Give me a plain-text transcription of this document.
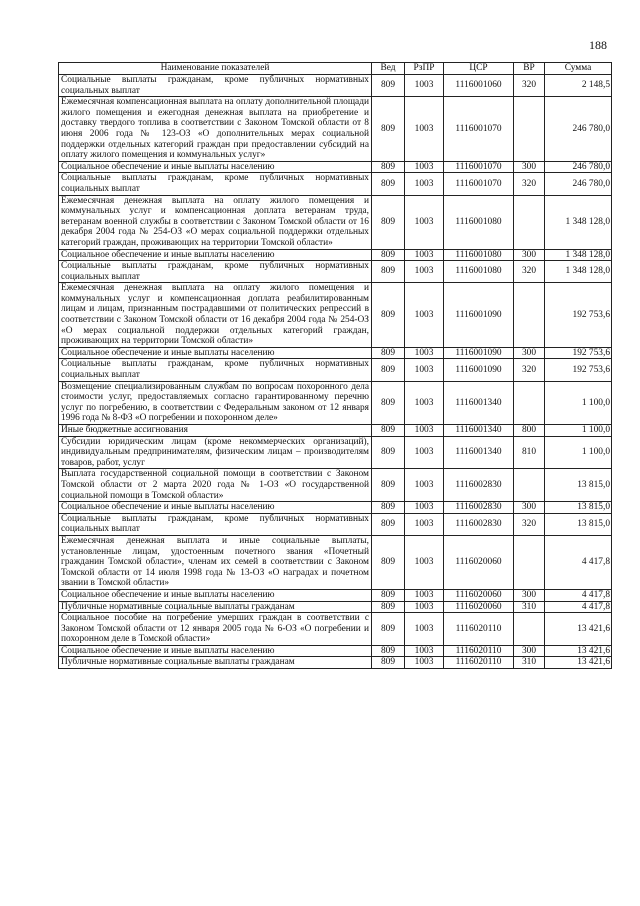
188
Наименование показателей	Вед	РзПР	ЦСР	ВР	Сумма
Социальные выплаты гражданам, кроме публичных нормативных социальных выплат	809	1003	1116001060	320	2 148,5
Ежемесячная компенсационная выплата на оплату дополнительной площади жилого помещения и ежегодная денежная выплата на приобретение и доставку твердого топлива в соответствии с Законом Томской области от 8 июня 2006 года № 123-ОЗ «О дополнительных мерах социальной поддержки отдельных категорий граждан при предоставлении субсидий на оплату жилого помещения и коммунальных услуг»	809	1003	1116001070		246 780,0
Социальное обеспечение и иные выплаты населению	809	1003	1116001070	300	246 780,0
Социальные выплаты гражданам, кроме публичных нормативных социальных выплат	809	1003	1116001070	320	246 780,0
Ежемесячная денежная выплата на оплату жилого помещения и коммунальных услуг и компенсационная доплата ветеранам труда, ветеранам военной службы в соответствии с Законом Томской области от 16 декабря 2004 года № 254-ОЗ «О мерах социальной поддержки отдельных категорий граждан, проживающих на территории Томской области»	809	1003	1116001080		1 348 128,0
Социальное обеспечение и иные выплаты населению	809	1003	1116001080	300	1 348 128,0
Социальные выплаты гражданам, кроме публичных нормативных социальных выплат	809	1003	1116001080	320	1 348 128,0
Ежемесячная денежная выплата на оплату жилого помещения и коммунальных услуг и компенсационная доплата реабилитированным лицам и лицам, признанным пострадавшими от политических репрессий в соответствии с Законом Томской области от 16 декабря 2004 года № 254-ОЗ «О мерах социальной поддержки отдельных категорий граждан, проживающих на территории Томской области»	809	1003	1116001090		192 753,6
Социальное обеспечение и иные выплаты населению	809	1003	1116001090	300	192 753,6
Социальные выплаты гражданам, кроме публичных нормативных социальных выплат	809	1003	1116001090	320	192 753,6
Возмещение специализированным службам по вопросам похоронного дела стоимости услуг, предоставляемых согласно гарантированному перечню услуг по погребению, в соответствии с Федеральным законом от 12 января 1996 года № 8-ФЗ «О погребении и похоронном деле»	809	1003	1116001340		1 100,0
Иные бюджетные ассигнования	809	1003	1116001340	800	1 100,0
Субсидии юридическим лицам (кроме некоммерческих организаций), индивидуальным предпринимателям, физическим лицам – производителям товаров, работ, услуг	809	1003	1116001340	810	1 100,0
Выплата государственной социальной помощи в соответствии с Законом Томской области от 2 марта 2020 года № 1-ОЗ «О государственной социальной помощи в Томской области»	809	1003	1116002830		13 815,0
Социальное обеспечение и иные выплаты населению	809	1003	1116002830	300	13 815,0
Социальные выплаты гражданам, кроме публичных нормативных социальных выплат	809	1003	1116002830	320	13 815,0
Ежемесячная денежная выплата и иные социальные выплаты, установленные лицам, удостоенным почетного звания «Почетный гражданин Томской области», членам их семей в соответствии с Законом Томской области от 14 июля 1998 года № 13-ОЗ «О наградах и почетном звании в Томской области»	809	1003	1116020060		4 417,8
Социальное обеспечение и иные выплаты населению	809	1003	1116020060	300	4 417,8
Публичные нормативные социальные выплаты гражданам	809	1003	1116020060	310	4 417,8
Социальное пособие на погребение умерших граждан в соответствии с Законом Томской области от 12 января 2005 года № 6-ОЗ «О погребении и похоронном деле в Томской области»	809	1003	1116020110		13 421,6
Социальное обеспечение и иные выплаты населению	809	1003	1116020110	300	13 421,6
Публичные нормативные социальные выплаты гражданам	809	1003	1116020110	310	13 421,6
